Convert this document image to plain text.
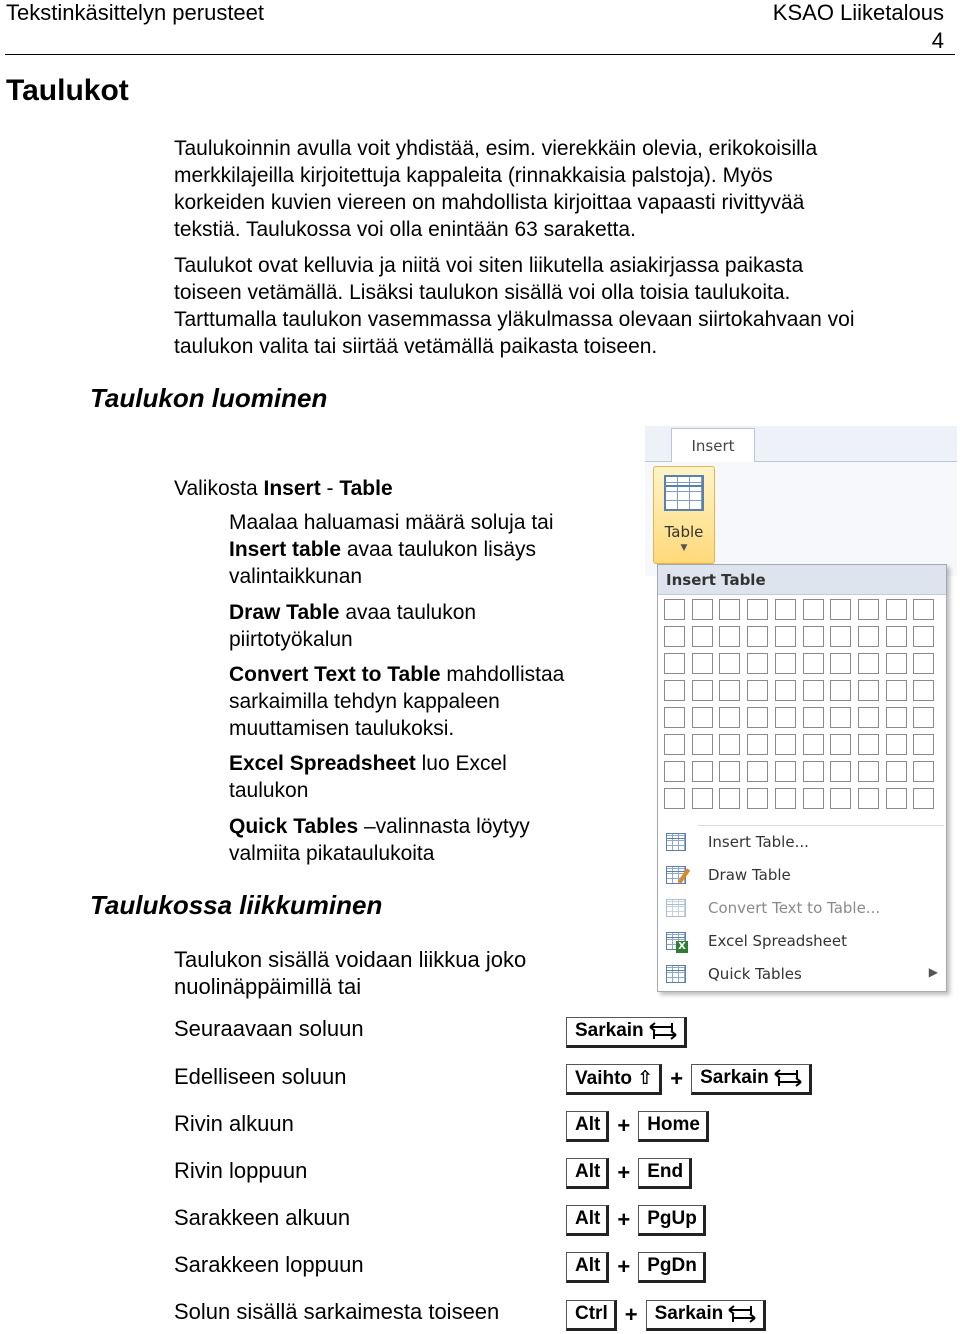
Tekstinkäsittelyn perusteet	KSAO Liiketalous
4
Taulukot
Taulukoinnin avulla voit yhdistää, esim. vierekkäin olevia, erikokoisilla
merkkilajeilla kirjoitettuja kappaleita (rinnakkaisia palstoja). Myös
korkeiden kuvien viereen on mahdollista kirjoittaa vapaasti rivittyvää
tekstiä. Taulukossa voi olla enintään 63 saraketta.
Taulukot ovat kelluvia ja niitä voi siten liikutella asiakirjassa paikasta
toiseen vetämällä. Lisäksi taulukon sisällä voi olla toisia taulukoita.
Tarttumalla taulukon vasemmassa yläkulmassa olevaan siirtokahvaan voi
taulukon valita tai siirtää vetämällä paikasta toiseen.
Taulukon luominen
Valikosta Insert - Table
Maalaa haluamasi määrä soluja tai
Insert table avaa taulukon lisäys
valintaikkunan
Draw Table avaa taulukon
piirtotyökalun
Convert Text to Table mahdollistaa
sarkaimilla tehdyn kappaleen
muuttamisen taulukoksi.
Excel Spreadsheet luo Excel
taulukon
Quick Tables –valinnasta löytyy
valmiita pikataulukoita
Insert
Table
▼
Insert Table
Insert Table...
Draw Table
Convert Text to Table...
X Excel Spreadsheet
Quick Tables	▶
Taulukossa liikkuminen
Taulukon sisällä voidaan liikkua joko
nuolinäppäimillä tai
Seuraavaan soluun	Sarkain
Edelliseen soluun	Vaihto ⇧ + Sarkain
Rivin alkuun	Alt + Home
Rivin loppuun	Alt + End
Sarakkeen alkuun	Alt + PgUp
Sarakkeen loppuun	Alt + PgDn
Solun sisällä sarkaimesta toiseen	Ctrl + Sarkain
